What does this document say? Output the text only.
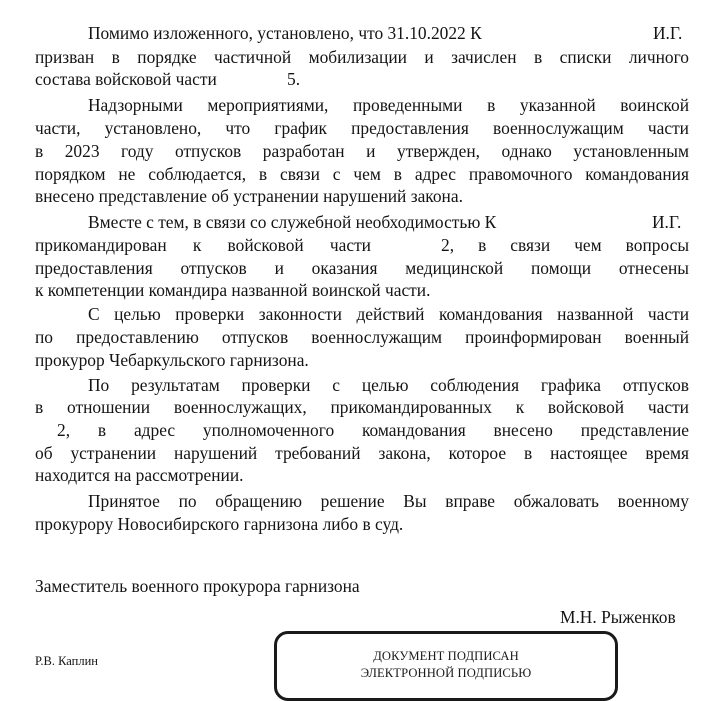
Помимо изложенного, установлено, что 31.10.2022 К	И.Г.
призван в порядке частичной мобилизации и зачислен в списки личного
состава войсковой части	5.
Надзорными мероприятиями, проведенными в указанной воинской
части, установлено, что график предоставления военнослужащим части
в 2023 году отпусков разработан и утвержден, однако установленным
порядком не соблюдается, в связи с чем в адрес правомочного командования
внесено представление об устранении нарушений закона.
Вместе с тем, в связи со служебной необходимостью К	И.Г.
прикомандирован к войсковой части	2, в связи чем вопросы
предоставления отпусков и оказания медицинской помощи отнесены
к компетенции командира названной воинской части.
С целью проверки законности действий командования названной части
по предоставлению отпусков военнослужащим проинформирован военный
прокурор Чебаркульского гарнизона.
По результатам проверки с целью соблюдения графика отпусков
в отношении военнослужащих, прикомандированных к войсковой части
2, в адрес уполномоченного командования внесено представление
об устранении нарушений требований закона, которое в настоящее время
находится на рассмотрении.
Принятое по обращению решение Вы вправе обжаловать военному
прокурору Новосибирского гарнизона либо в суд.
Заместитель военного прокурора гарнизона
М.Н. Рыженков
Р.В. Каплин	ДОКУМЕНТ ПОДПИСАН
ЭЛЕКТРОННОЙ ПОДПИСЬЮ
